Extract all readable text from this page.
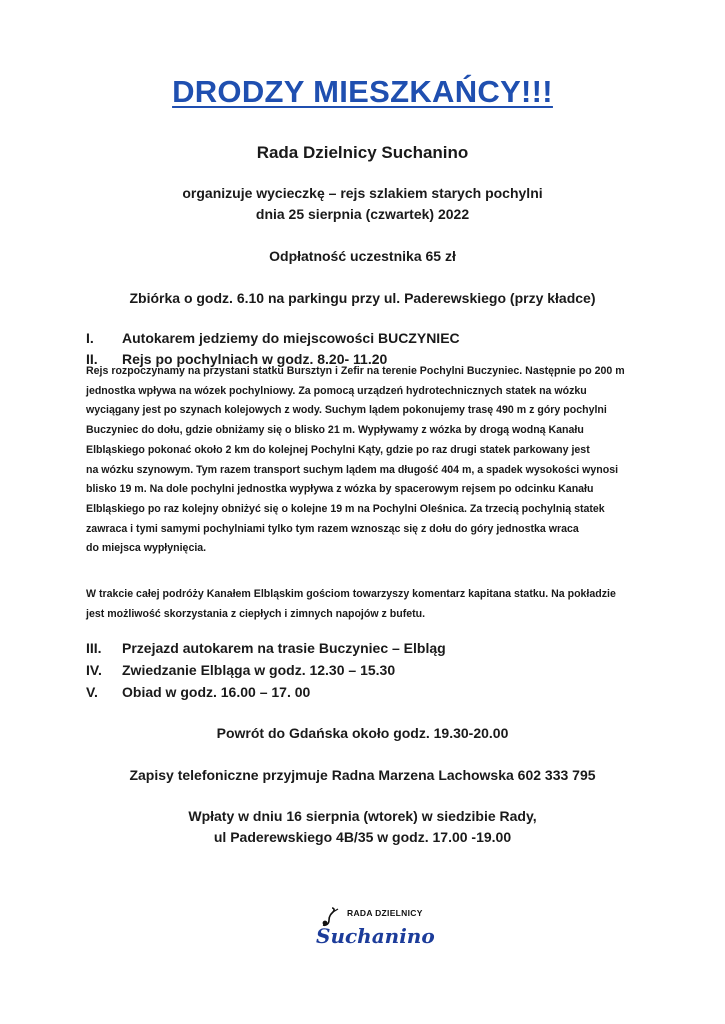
DRODZY MIESZKAŃCY!!!
Rada Dzielnicy Suchanino
organizuje wycieczkę – rejs szlakiem starych pochylni
dnia 25 sierpnia (czwartek) 2022
Odpłatność uczestnika 65 zł
Zbiórka o godz. 6.10 na parkingu przy ul. Paderewskiego (przy kładce)
I. Autokarem jedziemy do miejscowości BUCZYNIEC
II. Rejs po pochylniach w godz. 8.20- 11.20
Rejs rozpoczynamy na przystani statku Bursztyn i Zefir na terenie Pochylni Buczyniec. Następnie po 200 m
jednostka wpływa na wózek pochylniowy. Za pomocą urządzeń hydrotechnicznych statek na wózku
wyciągany jest po szynach kolejowych z wody. Suchym lądem pokonujemy trasę 490 m z góry pochylni
Buczyniec do dołu, gdzie obniżamy się o blisko 21 m. Wypływamy z wózka by drogą wodną Kanału
Elbląskiego pokonać około 2 km do kolejnej Pochylni Kąty, gdzie po raz drugi statek parkowany jest
na wózku szynowym. Tym razem transport suchym lądem ma długość 404 m, a spadek wysokości wynosi
blisko 19 m. Na dole pochylni jednostka wypływa z wózka by spacerowym rejsem po odcinku Kanału
Elbląskiego po raz kolejny obniżyć się o kolejne 19 m na Pochylni Oleśnica. Za trzecią pochylnią statek
zawraca i tymi samymi pochylniami tylko tym razem wznosząc się z dołu do góry jednostka wraca
do miejsca wypłynięcia.
W trakcie całej podróży Kanałem Elbląskim gościom towarzyszy komentarz kapitana statku. Na pokładzie
jest możliwość skorzystania z ciepłych i zimnych napojów z bufetu.
III. Przejazd autokarem na trasie Buczyniec – Elbląg
IV. Zwiedzanie Elbląga w godz. 12.30 – 15.30
V. Obiad w godz. 16.00 – 17. 00
Powrót do Gdańska około godz. 19.30-20.00
Zapisy telefoniczne przyjmuje Radna Marzena Lachowska 602 333 795
Wpłaty w dniu 16 sierpnia (wtorek) w siedzibie Rady,
ul Paderewskiego 4B/35 w godz. 17.00 -19.00
RADA DZIELNICY
Suchanino
